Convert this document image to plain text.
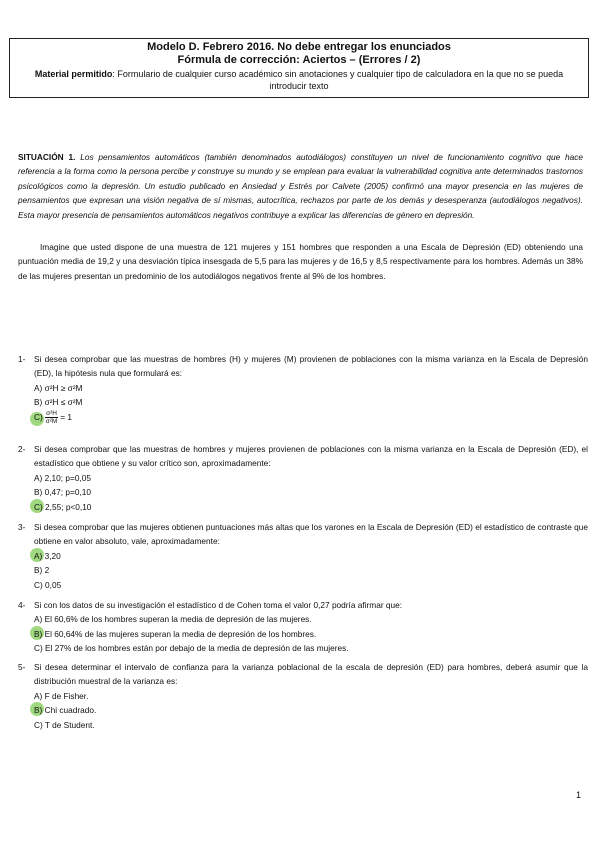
Modelo D. Febrero 2016. No debe entregar los enunciados
Fórmula de corrección: Aciertos – (Errores / 2)
Material permitido: Formulario de cualquier curso académico sin anotaciones y cualquier tipo de calculadora en la que no se pueda introducir texto
SITUACIÓN 1. Los pensamientos automáticos (también denominados autodiálogos) constituyen un nivel de funcionamiento cognitivo que hace referencia a la forma como la persona percibe y construye su mundo y se emplean para evaluar la vulnerabilidad cognitiva ante determinados trastornos psicológicos como la depresión. Un estudio publicado en Ansiedad y Estrés por Calvete (2005) confirmó una mayor presencia en las mujeres de pensamientos que expresan una visión negativa de sí mismas, autocrítica, rechazos por parte de los demás y desesperanza (autodiálogos negativos). Esta mayor presencia de pensamientos automáticos negativos contribuye a explicar las diferencias de género en depresión.
Imagine que usted dispone de una muestra de 121 mujeres y 151 hombres que responden a una Escala de Depresión (ED) obteniendo una puntuación media de 19,2 y una desviación típica insesgada de 5,5 para las mujeres y de 16,5 y 8,5 respectivamente para los hombres. Además un 38% de las mujeres presentan un predominio de los autodiálogos negativos frente al 9% de los hombres.
1-	Si desea comprobar que las muestras de hombres (H) y mujeres (M) provienen de poblaciones con la misma varianza en la Escala de Depresión (ED), la hipótesis nula que formulará es:
A) σ²H ≥ σ²M
B) σ²H ≤ σ²M
$C) \frac{\text{σ²H}}{\text{σ²M}} = 1$
2-	Si desea comprobar que las muestras de hombres y mujeres provienen de poblaciones con la misma varianza en la Escala de Depresión (ED), el estadístico que obtiene y su valor crítico son, aproximadamente:
A) 2,10; p=0,05
B) 0,47; p=0,10
C) 2,55; p<0,10
3-	Si desea comprobar que las mujeres obtienen puntuaciones más altas que los varones en la Escala de Depresión (ED) el estadístico de contraste que obtiene en valor absoluto, vale, aproximadamente:
A) 3,20
B) 2
C) 0,05
4-	Si con los datos de su investigación el estadístico d de Cohen toma el valor 0,27 podría afirmar que:
A) El 60,6% de los hombres superan la media de depresión de las mujeres.
B) El 60,64% de las mujeres superan la media de depresión de los hombres.
C) El 27% de los hombres están por debajo de la media de depresión de las mujeres.
5-	Si desea determinar el intervalo de confianza para la varianza poblacional de la escala de depresión (ED) para hombres, deberá asumir que la distribución muestral de la varianza es:
A) F de Fisher.
B) Chi cuadrado.
C) T de Student.
1
